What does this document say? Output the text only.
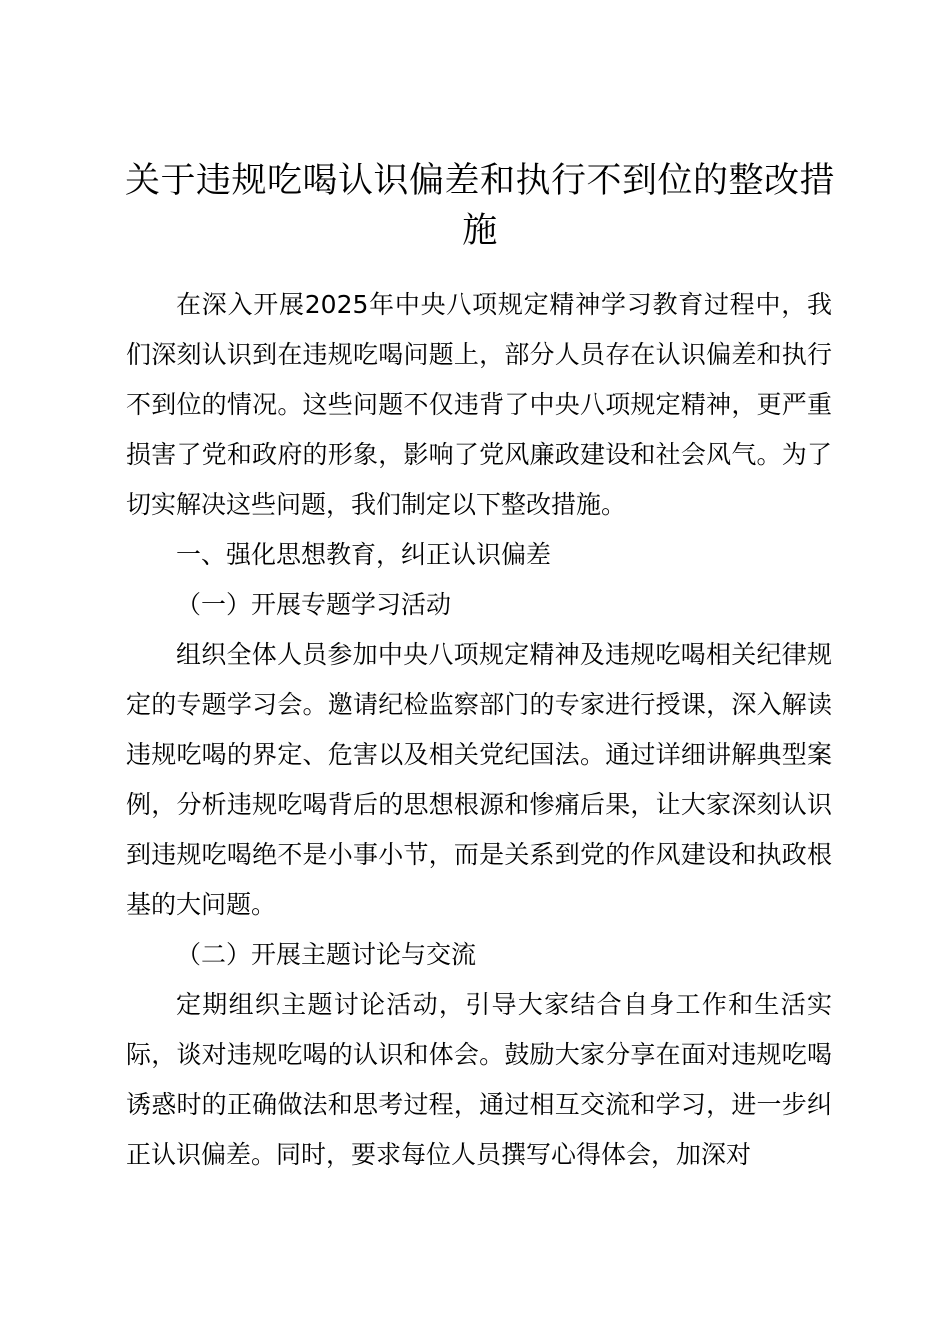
关于违规吃喝认识偏差和执行不到位的整改措施

在深入开展2025年中央八项规定精神学习教育过程中，我们深刻认识到在违规吃喝问题上，部分人员存在认识偏差和执行不到位的情况。这些问题不仅违背了中央八项规定精神，更严重损害了党和政府的形象，影响了党风廉政建设和社会风气。为了切实解决这些问题，我们制定以下整改措施。

一、强化思想教育，纠正认识偏差

（一）开展专题学习活动

组织全体人员参加中央八项规定精神及违规吃喝相关纪律规定的专题学习会。邀请纪检监察部门的专家进行授课，深入解读违规吃喝的界定、危害以及相关党纪国法。通过详细讲解典型案例，分析违规吃喝背后的思想根源和惨痛后果，让大家深刻认识到违规吃喝绝不是小事小节，而是关系到党的作风建设和执政根基的大问题。

（二）开展主题讨论与交流

定期组织主题讨论活动，引导大家结合自身工作和生活实际，谈对违规吃喝的认识和体会。鼓励大家分享在面对违规吃喝诱惑时的正确做法和思考过程，通过相互交流和学习，进一步纠正认识偏差。同时，要求每位人员撰写心得体会，加深对
